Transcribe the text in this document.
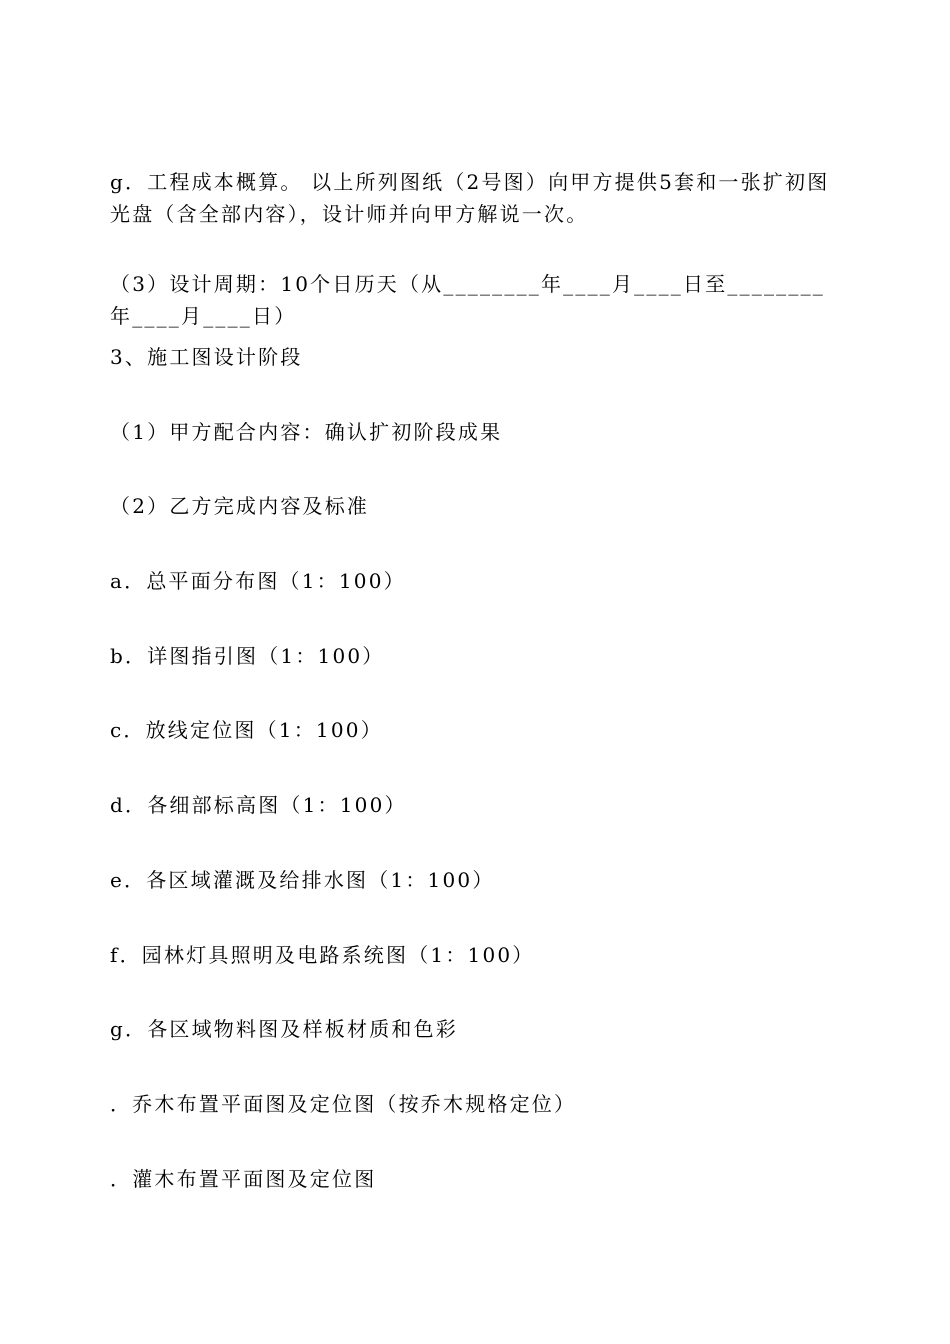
g．工程成本概算。 以上所列图纸（2号图）向甲方提供5套和一张扩初图光盘（含全部内容），设计师并向甲方解说一次。

（3）设计周期：10个日历天（从________年____月____日至________年____月____日）

3、施工图设计阶段

（1）甲方配合内容：确认扩初阶段成果

（2）乙方完成内容及标准

a．总平面分布图（1：100）

b．详图指引图（1：100）

c．放线定位图（1：100）

d．各细部标高图（1：100）

e．各区域灌溉及给排水图（1：100）

f．园林灯具照明及电路系统图（1：100）

g．各区域物料图及样板材质和色彩

．乔木布置平面图及定位图（按乔木规格定位）

．灌木布置平面图及定位图
